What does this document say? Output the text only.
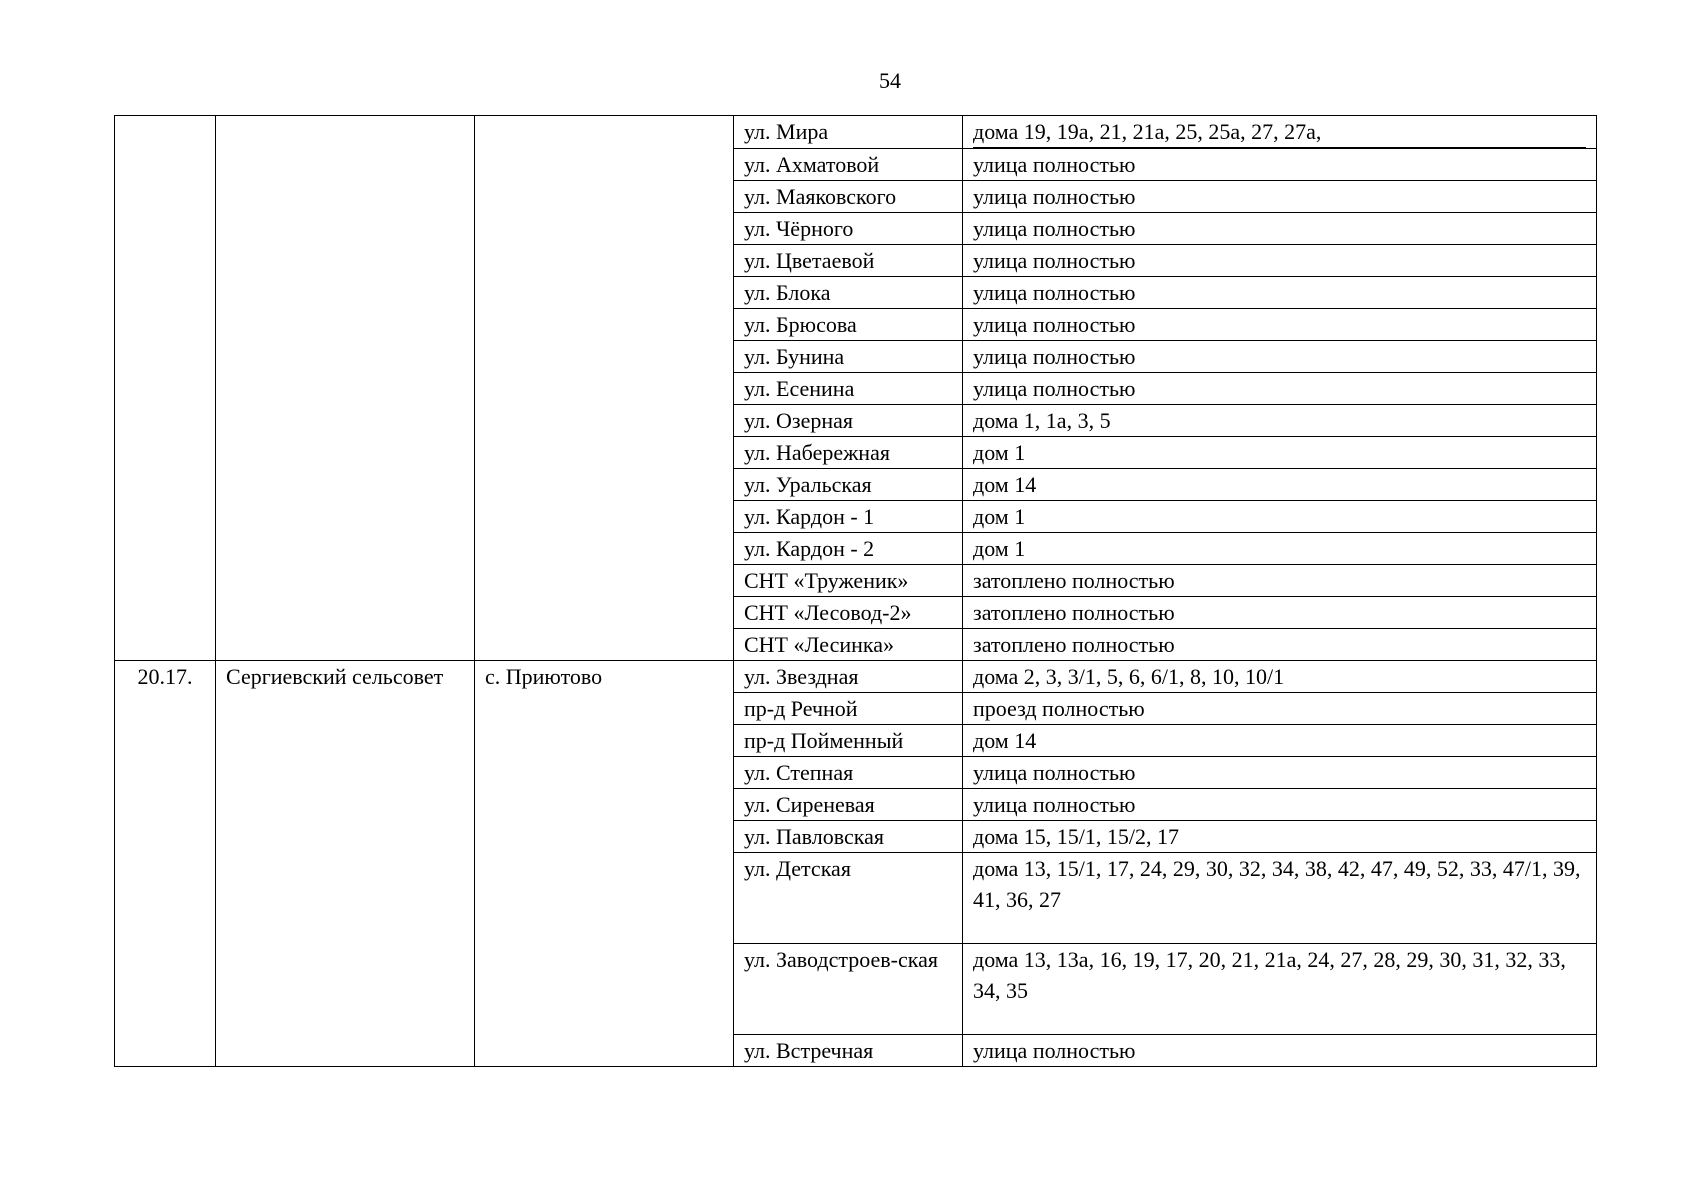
54
			ул. Мира	дома 19, 19а, 21, 21а, 25, 25а, 27, 27а,

			ул. Ахматовой	улица полностью
			ул. Маяковского	улица полностью
			ул. Чёрного	улица полностью
			ул. Цветаевой	улица полностью
			ул. Блока	улица полностью
			ул. Брюсова	улица полностью
			ул. Бунина	улица полностью
			ул. Есенина	улица полностью
			ул. Озерная	дома 1, 1а, 3, 5
			ул. Набережная	дом 1
			ул. Уральская	дом 14
			ул. Кардон - 1	дом 1
			ул. Кардон - 2	дом 1
			СНТ «Труженик»	затоплено полностью
			СНТ «Лесовод-2»	затоплено полностью
			СНТ «Лесинка»	затоплено полностью
20.17.	Сергиевский сельсовет	с. Приютово	ул. Звездная	дома 2, 3, 3/1, 5, 6, 6/1, 8, 10, 10/1
			пр-д Речной	проезд полностью
			пр-д Пойменный	дом 14
			ул. Степная	улица полностью
			ул. Сиреневая	улица полностью
			ул. Павловская	дома 15, 15/1, 15/2, 17
			ул. Детская	дома 13, 15/1, 17, 24, 29, 30, 32, 34, 38, 42, 47, 49, 52, 33, 47/1, 39, 41, 36, 27
			ул. Заводстроев-ская	дома 13, 13а, 16, 19, 17, 20, 21, 21а, 24, 27, 28, 29, 30, 31, 32, 33, 34, 35
			ул. Встречная	улица полностью
